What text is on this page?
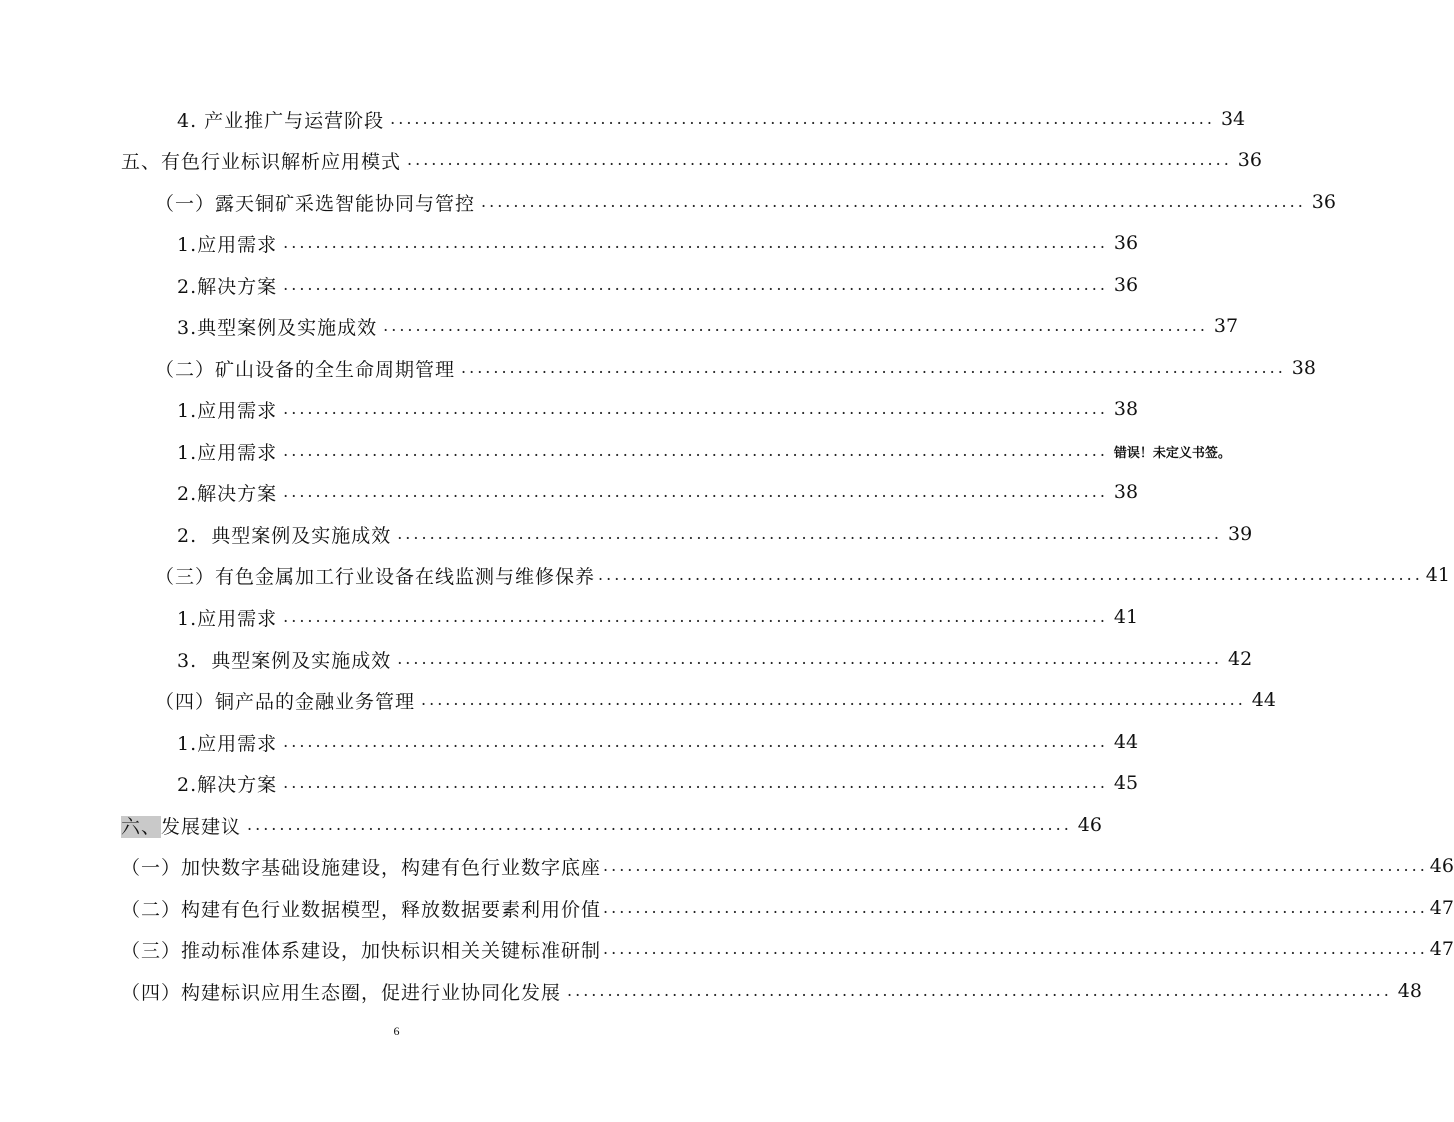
4. 产业推广与运营阶段 ...................................................................................................... 34
五、有色行业标识解析应用模式 ...................................................................................................... 36
（一）露天铜矿采选智能协同与管控 ...................................................................................................... 36
1.应用需求 ...................................................................................................... 36
2.解决方案 ...................................................................................................... 36
3.典型案例及实施成效 ...................................................................................................... 37
（二）矿山设备的全生命周期管理 ...................................................................................................... 38
1.应用需求 ...................................................................................................... 38
1.应用需求 ...................................................................................................... 错误！未定义书签。
2.解决方案 ...................................................................................................... 38
2.  典型案例及实施成效 ...................................................................................................... 39
（三）有色金属加工行业设备在线监测与维修保养 ...................................................................................................... 41
1.应用需求 ...................................................................................................... 41
3.  典型案例及实施成效 ...................................................................................................... 42
（四）铜产品的金融业务管理 ...................................................................................................... 44
1.应用需求 ...................................................................................................... 44
2.解决方案 ...................................................................................................... 45
六、发展建议 ...................................................................................................... 46
（一）加快数字基础设施建设，构建有色行业数字底座 ...................................................................................................... 46
（二）构建有色行业数据模型，释放数据要素利用价值 ...................................................................................................... 47
（三）推动标准体系建设，加快标识相关关键标准研制 ...................................................................................................... 47
（四）构建标识应用生态圈，促进行业协同化发展 ...................................................................................................... 48
6
